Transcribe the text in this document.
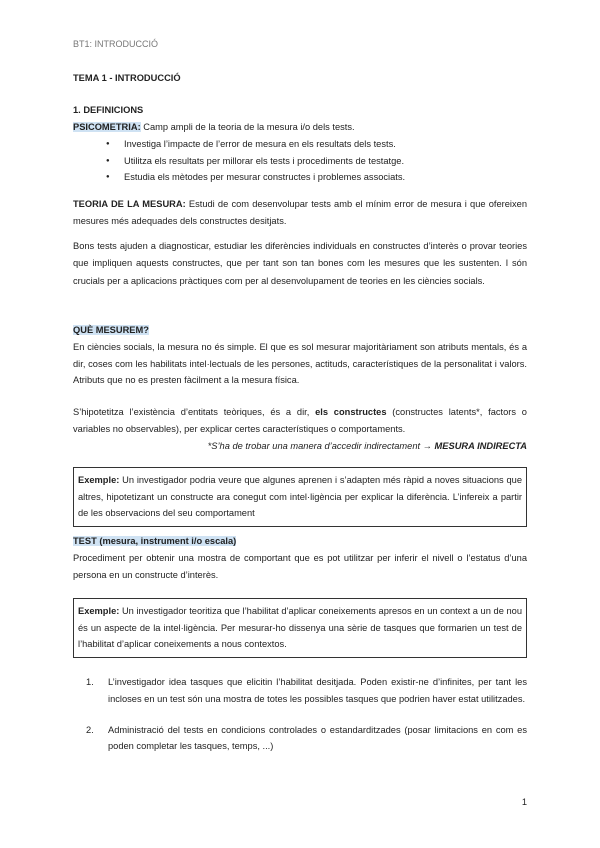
BT1: INTRODUCCIÓ
TEMA 1 - INTRODUCCIÓ
1. DEFINICIONS
PSICOMETRIA: Camp ampli de la teoria de la mesura i/o dels tests.
● Investiga l’impacte de l’error de mesura en els resultats dels tests.
● Utilitza els resultats per millorar els tests i procediments de testatge.
● Estudia els mètodes per mesurar constructes i problemes associats.
TEORIA DE LA MESURA: Estudi de com desenvolupar tests amb el mínim error de mesura i que ofereixen mesures més adequades dels constructes desitjats.
Bons tests ajuden a diagnosticar, estudiar les diferències individuals en constructes d’interès o provar teories que impliquen aquests constructes, que per tant son tan bones com les mesures que les sustenten. I són crucials per a aplicacions pràctiques com per al desenvolupament de teories en les ciències socials.
QUÈ MESUREM?
En ciències socials, la mesura no és simple. El que es sol mesurar majoritàriament son atributs mentals, és a dir, coses com les habilitats intel·lectuals de les persones, actituds, característiques de la personalitat i valors. Atributs que no es presten fàcilment a la mesura física.
S’hipotetitza l’existència d’entitats teòriques, és a dir, els constructes (constructes latents*, factors o variables no observables), per explicar certes característiques o comportaments.
*S’ha de trobar una manera d’accedir indirectament → MESURA INDIRECTA
Exemple: Un investigador podria veure que algunes aprenen i s’adapten més ràpid a noves situacions que altres, hipotetizant un constructe ara conegut com intel·ligència per explicar la diferència. L’infereix a partir de les observacions del seu comportament
TEST (mesura, instrument i/o escala)
Procediment per obtenir una mostra de comportant que es pot utilitzar per inferir el nivell o l’estatus d’una persona en un constructe d’interès.
Exemple: Un investigador teoritiza que l’habilitat d’aplicar coneixements apresos en un context a un de nou és un aspecte de la intel·ligència. Per mesurar-ho dissenya una sèrie de tasques que formarien un test de l’habilitat d’aplicar coneixements a nous contextos.
1. L’investigador idea tasques que elicitin l’habilitat desitjada. Poden existir-ne d’infinites, per tant les incloses en un test són una mostra de totes les possibles tasques que podrien haver estat utilitzades.
2. Administració del tests en condicions controlades o estandarditzades (posar limitacions en com es poden completar les tasques, temps, ...)
1
